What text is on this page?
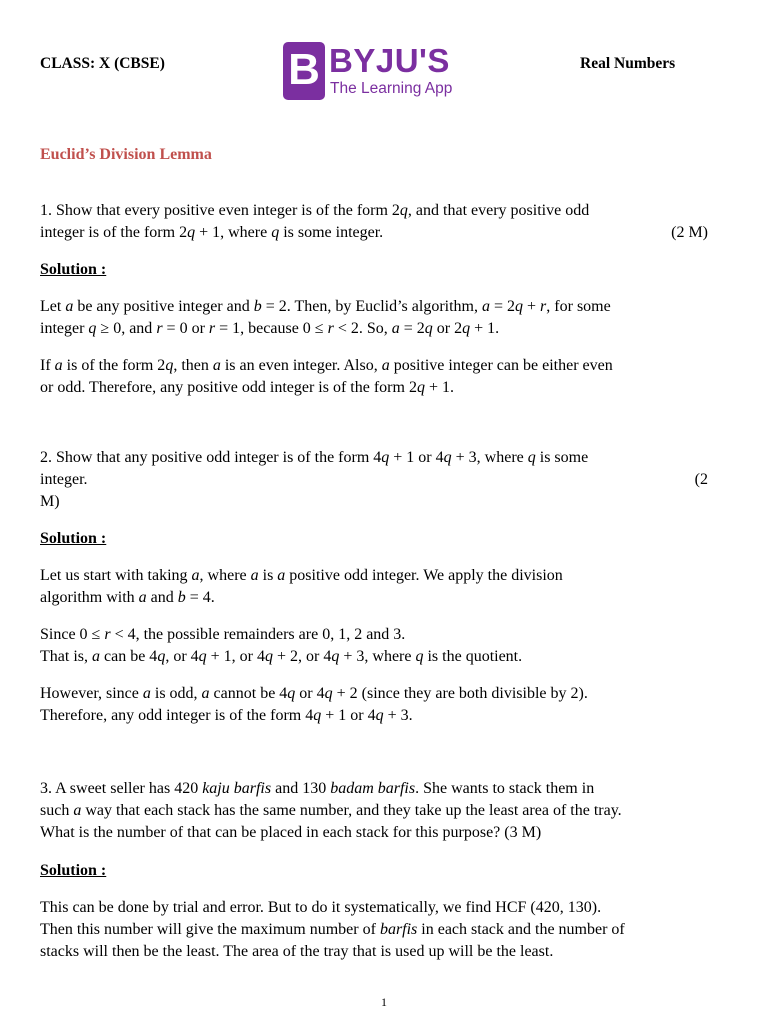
CLASS: X (CBSE)	Real Numbers
B BYJU'S
The Learning App
Euclid’s Division Lemma
1. Show that every positive even integer is of the form 2q, and that every positive odd
integer is of the form 2q + 1, where q is some integer.	(2 M)
Solution :
Let a be any positive integer and b = 2. Then, by Euclid’s algorithm, a = 2q + r, for some
integer q ≥ 0, and r = 0 or r = 1, because 0 ≤ r < 2. So, a = 2q or 2q + 1.
If a is of the form 2q, then a is an even integer. Also, a positive integer can be either even
or odd. Therefore, any positive odd integer is of the form 2q + 1.
2. Show that any positive odd integer is of the form 4q + 1 or 4q + 3, where q is some
integer.	(2
M)
Solution :
Let us start with taking a, where a is a positive odd integer. We apply the division
algorithm with a and b = 4.
Since 0 ≤ r < 4, the possible remainders are 0, 1, 2 and 3.
That is, a can be 4q, or 4q + 1, or 4q + 2, or 4q + 3, where q is the quotient.
However, since a is odd, a cannot be 4q or 4q + 2 (since they are both divisible by 2).
Therefore, any odd integer is of the form 4q + 1 or 4q + 3.
3. A sweet seller has 420 kaju barfis and 130 badam barfis. She wants to stack them in
such a way that each stack has the same number, and they take up the least area of the tray.
What is the number of that can be placed in each stack for this purpose? (3 M)
Solution :
This can be done by trial and error. But to do it systematically, we find HCF (420, 130).
Then this number will give the maximum number of barfis in each stack and the number of
stacks will then be the least. The area of the tray that is used up will be the least.
1
